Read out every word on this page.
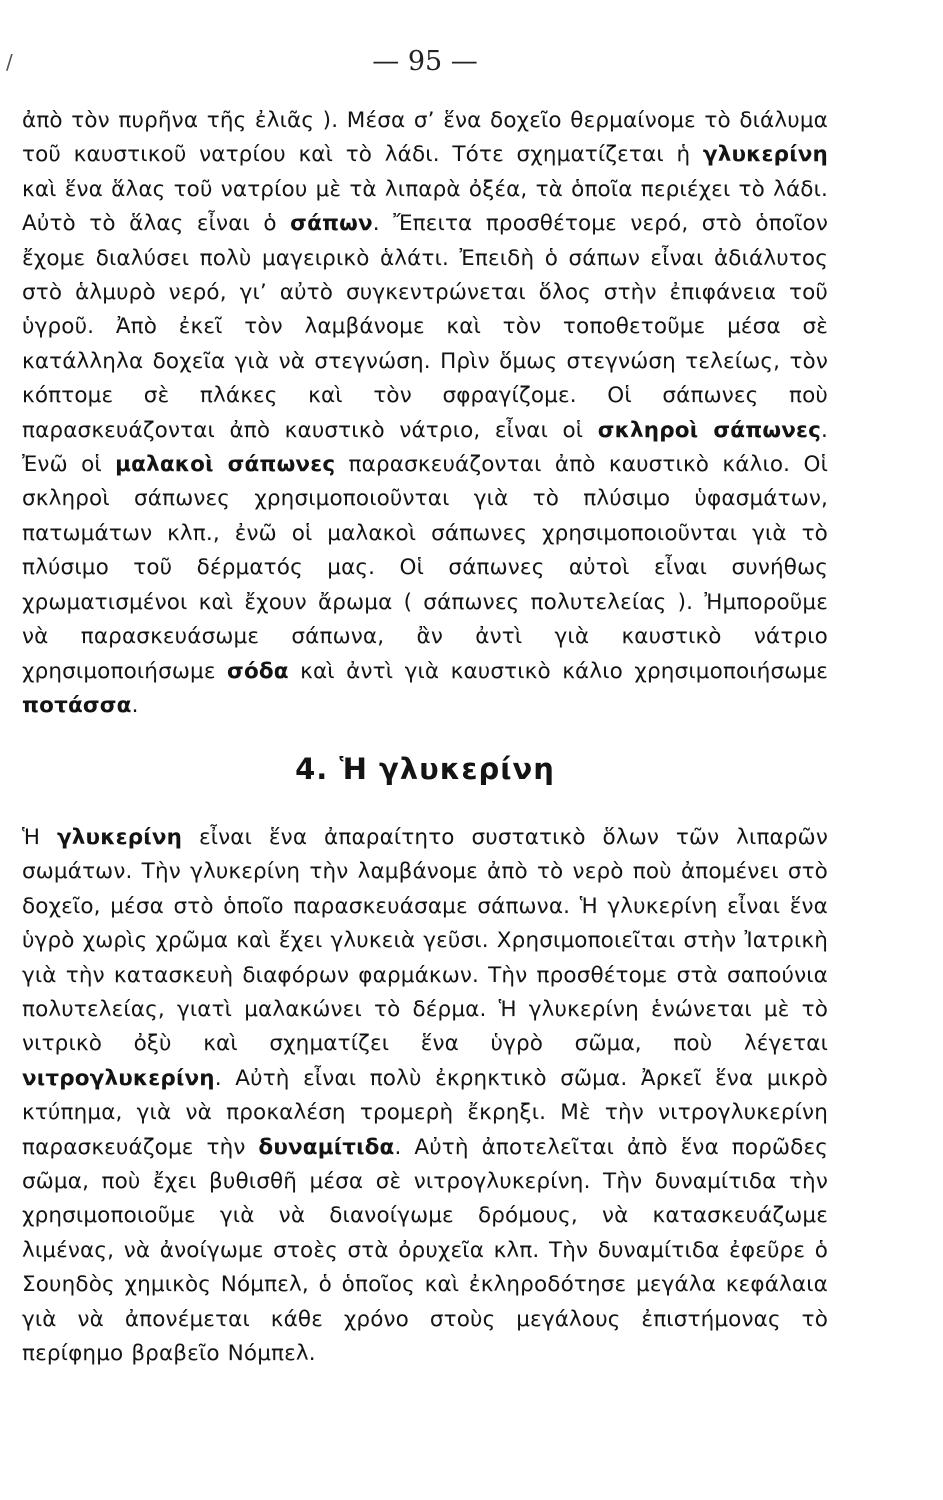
/	— 95 —

ἀπὸ τὸν πυρῆνα τῆς ἐλιᾶς ). Μέσα σ’ ἕνα δοχεῖο θερμαίνομε τὸ διάλυμα τοῦ καυστικοῦ νατρίου καὶ τὸ λάδι. Τότε σχηματίζεται ἡ γλυκερίνη καὶ ἕνα ἅλας τοῦ νατρίου μὲ τὰ λιπαρὰ ὀξέα, τὰ ὁποῖα περιέχει τὸ λάδι. Αὐτὸ τὸ ἅλας εἶναι ὁ σάπων. Ἔπειτα προσθέτομε νερό, στὸ ὁποῖον ἔχομε διαλύσει πολὺ μαγειρικὸ ἁλάτι. Ἐπειδὴ ὁ σάπων εἶναι ἀδιάλυτος στὸ ἁλμυρὸ νερό, γι’ αὐτὸ συγκεντρώνεται ὅλος στὴν ἐπιφάνεια τοῦ ὑγροῦ. Ἀπὸ ἐκεῖ τὸν λαμβάνομε καὶ τὸν τοποθετοῦμε μέσα σὲ κατάλληλα δοχεῖα γιὰ νὰ στεγνώση. Πρὶν ὅμως στεγνώση τελείως, τὸν κόπτομε σὲ πλάκες καὶ τὸν σφραγίζομε. Οἱ σάπωνες ποὺ παρασκευάζονται ἀπὸ καυστικὸ νάτριο, εἶναι οἱ σκληροὶ σάπωνες. Ἐνῶ οἱ μαλακοὶ σάπωνες παρασκευάζονται ἀπὸ καυστικὸ κάλιο. Οἱ σκληροὶ σάπωνες χρησιμοποιοῦνται γιὰ τὸ πλύσιμο ὑφασμάτων, πατωμάτων κλπ., ἐνῶ οἱ μαλακοὶ σάπωνες χρησιμοποιοῦνται γιὰ τὸ πλύσιμο τοῦ δέρματός μας. Οἱ σάπωνες αὐτοὶ εἶναι συνήθως χρωματισμένοι καὶ ἔχουν ἄρωμα ( σάπωνες πολυτελείας ). Ἠμποροῦμε νὰ παρασκευάσωμε σάπωνα, ἂν ἀντὶ γιὰ καυστικὸ νάτριο χρησιμοποιήσωμε σόδα καὶ ἀντὶ γιὰ καυστικὸ κάλιο χρησιμοποιήσωμε ποτάσσα.

4. Ἡ γλυκερίνη

Ἡ γλυκερίνη εἶναι ἕνα ἀπαραίτητο συστατικὸ ὅλων τῶν λιπαρῶν σωμάτων. Τὴν γλυκερίνη τὴν λαμβάνομε ἀπὸ τὸ νερὸ ποὺ ἀπομένει στὸ δοχεῖο, μέσα στὸ ὁποῖο παρασκευάσαμε σάπωνα. Ἡ γλυκερίνη εἶναι ἕνα ὑγρὸ χωρὶς χρῶμα καὶ ἔχει γλυκειὰ γεῦσι. Χρησιμοποιεῖται στὴν Ἰατρικὴ γιὰ τὴν κατασκευὴ διαφόρων φαρμάκων. Τὴν προσθέτομε στὰ σαπούνια πολυτελείας, γιατὶ μαλακώνει τὸ δέρμα. Ἡ γλυκερίνη ἑνώνεται μὲ τὸ νιτρικὸ ὀξὺ καὶ σχηματίζει ἕνα ὑγρὸ σῶμα, ποὺ λέγεται νιτρογλυκερίνη. Αὐτὴ εἶναι πολὺ ἐκρηκτικὸ σῶμα. Ἀρκεῖ ἕνα μικρὸ κτύπημα, γιὰ νὰ προκαλέση τρομερὴ ἔκρηξι. Μὲ τὴν νιτρογλυκερίνη παρασκευάζομε τὴν δυναμίτιδα. Αὐτὴ ἀποτελεῖται ἀπὸ ἕνα πορῶδες σῶμα, ποὺ ἔχει βυθισθῆ μέσα σὲ νιτρογλυκερίνη. Τὴν δυναμίτιδα τὴν χρησιμοποιοῦμε γιὰ νὰ διανοίγωμε δρόμους, νὰ κατασκευάζωμε λιμένας, νὰ ἀνοίγωμε στοὲς στὰ ὀρυχεῖα κλπ. Τὴν δυναμίτιδα ἐφεῦρε ὁ Σουηδὸς χημικὸς Νόμπελ, ὁ ὁποῖος καὶ ἐκληροδότησε μεγάλα κεφάλαια γιὰ νὰ ἀπονέμεται κάθε χρόνο στοὺς μεγάλους ἐπιστήμονας τὸ περίφημο βραβεῖο Νόμπελ.
